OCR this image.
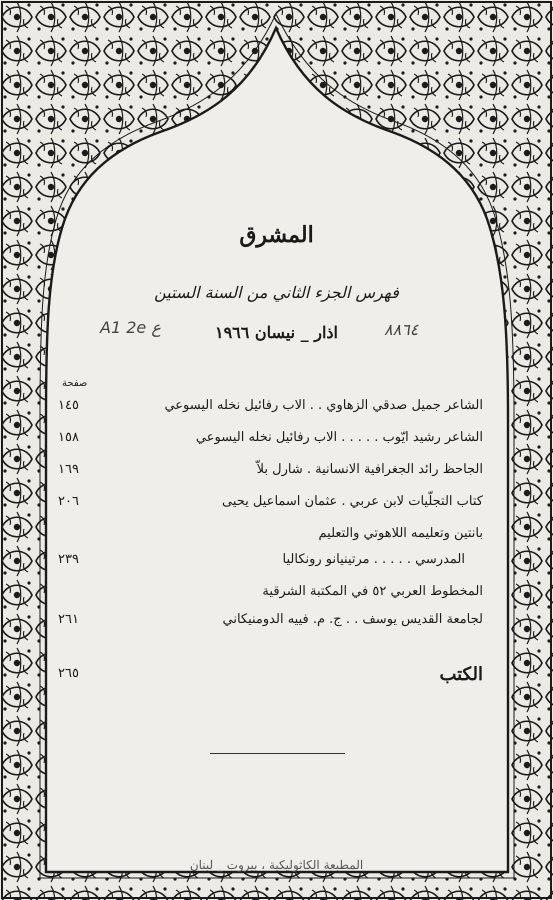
المشرق
فهرس الجزء الثاني من السنة الستين
اذار _ نيسان ١٩٦٦
A1 2e ع	٨٨٦٤
صفحة
الشاعر جميل صدقي الزهاوي . . الاب رفائيل نخله اليسوعي
١٤٥
الشاعر رشيد ايّوب . . . . . الاب رفائيل نخله اليسوعي
١٥٨
الجاحظ رائد الجغرافية الانسانية . شارل بلاّ
١٦٩
كتاب التجلّيات لابن عربي . عثمان اسماعيل يحيى
٢٠٦
بانتين وتعليمه اللاهوتي والتعليم
المدرسي . . . . . مرتينيانو رونكاليا
٢٣٩
المخطوط العربي ٥٢ في المكتبة الشرقية
لجامعة القديس يوسف . . ج. م. فييه الدومنيكاني
٢٦١
الكتب
٢٦٥
المطبعة الكاثوليكية ، بيروت _ لبنان
